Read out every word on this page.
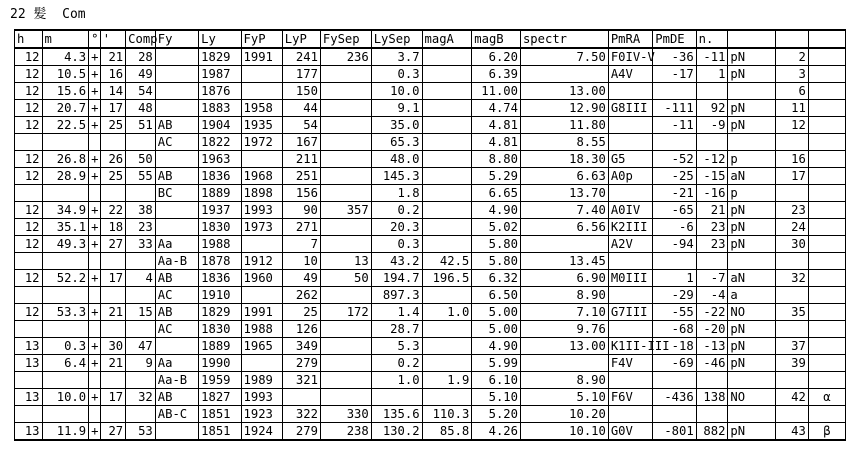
22 髪  Com
h	m	°	'	Comp	Fy	Ly	FyP	LyP	FySep	LySep	magA	magB	spectr	PmRA	PmDE	n.				
12	4.3	+	21	28		1829	1991	241	236	3.7		6.20	7.50	F0IV-V	-36	-11	pN	2		
12	10.5	+	16	49		1987		177		0.3		6.39		A4V	-17	1	pN	3		
12	15.6	+	14	54		1876		150		10.0		11.00	13.00					6		
12	20.7	+	17	48		1883	1958	44		9.1		4.74	12.90	G8III	-111	92	pN	11		
12	22.5	+	25	51	AB	1904	1935	54		35.0		4.81	11.80		-11	-9	pN	12		
					AC	1822	1972	167		65.3		4.81	8.55							
12	26.8	+	26	50		1963		211		48.0		8.80	18.30	G5	-52	-12	p	16		
12	28.9	+	25	55	AB	1836	1968	251		145.3		5.29	6.63	A0p	-25	-15	aN	17		
					BC	1889	1898	156		1.8		6.65	13.70		-21	-16	p			
12	34.9	+	22	38		1937	1993	90	357	0.2		4.90	7.40	A0IV	-65	21	pN	23		
12	35.1	+	18	23		1830	1973	271		20.3		5.02	6.56	K2III	-6	23	pN	24		
12	49.3	+	27	33	Aa	1988		7		0.3		5.80		A2V	-94	23	pN	30		
					Aa-B	1878	1912	10	13	43.2	42.5	5.80	13.45							
12	52.2	+	17	4	AB	1836	1960	49	50	194.7	196.5	6.32	6.90	M0III	1	-7	aN	32		
					AC	1910		262		897.3		6.50	8.90		-29	-4	a			
12	53.3	+	21	15	AB	1829	1991	25	172	1.4	1.0	5.00	7.10	G7III	-55	-22	NO	35		
					AC	1830	1988	126		28.7		5.00	9.76		-68	-20	pN			
13	0.3	+	30	47		1889	1965	349		5.3		4.90	13.00	K1II-III	-18	-13	pN	37		
13	6.4	+	21	9	Aa	1990		279		0.2		5.99		F4V	-69	-46	pN	39		
					Aa-B	1959	1989	321		1.0	1.9	6.10	8.90							
13	10.0	+	17	32	AB	1827	1993					5.10	5.10	F6V	-436	138	NO	42	α	
					AB-C	1851	1923	322	330	135.6	110.3	5.20	10.20							
13	11.9	+	27	53		1851	1924	279	238	130.2	85.8	4.26	10.10	G0V	-801	882	pN	43	β	
